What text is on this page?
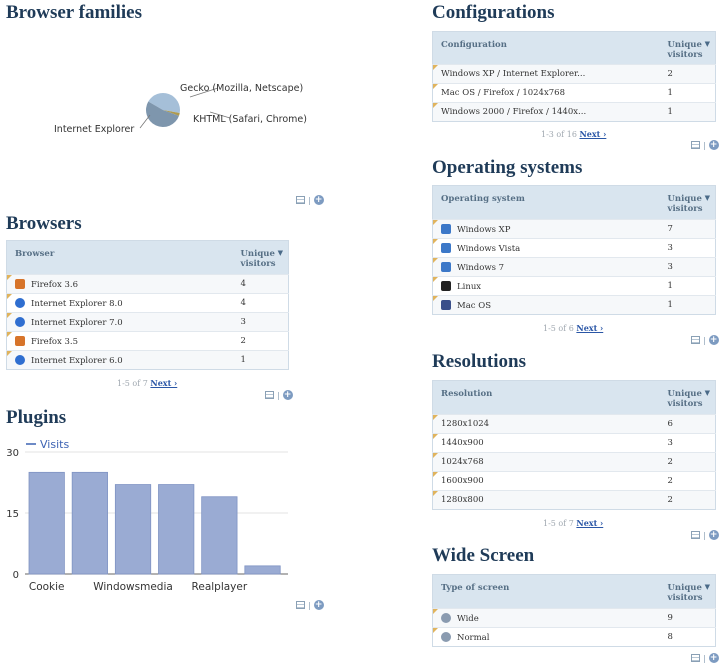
Browser families
Gecko (Mozilla, Netscape)
KHTML (Safari, Chrome)
Internet Explorer
| +
Browsers
Browser	Unique visitors
▼

Firefox 3.6	4
Internet Explorer 8.0	4
Internet Explorer 7.0	3
Firefox 3.5	2
Internet Explorer 6.0	1
1-5 of 7 Next ›
| +
Plugins
Visits
30
15
0
Cookie	Windowsmedia Realplayer
| +
Configurations
Configuration	Unique visitors
▼

Windows XP / Internet Explorer...	2
Mac OS / Firefox / 1024x768	1
Windows 2000 / Firefox / 1440x...	1
1-3 of 16 Next ›
| +
Operating systems
Operating system	Unique visitors
▼

Windows XP	7
Windows Vista	3
Windows 7	3
Linux	1
Mac OS	1
1-5 of 6 Next ›
| +
Resolutions
Resolution	Unique visitors
▼

1280x1024	6
1440x900	3
1024x768	2
1600x900	2
1280x800	2
1-5 of 7 Next ›
| +
Wide Screen
Type of screen	Unique visitors
▼

Wide	9
Normal	8
| +
